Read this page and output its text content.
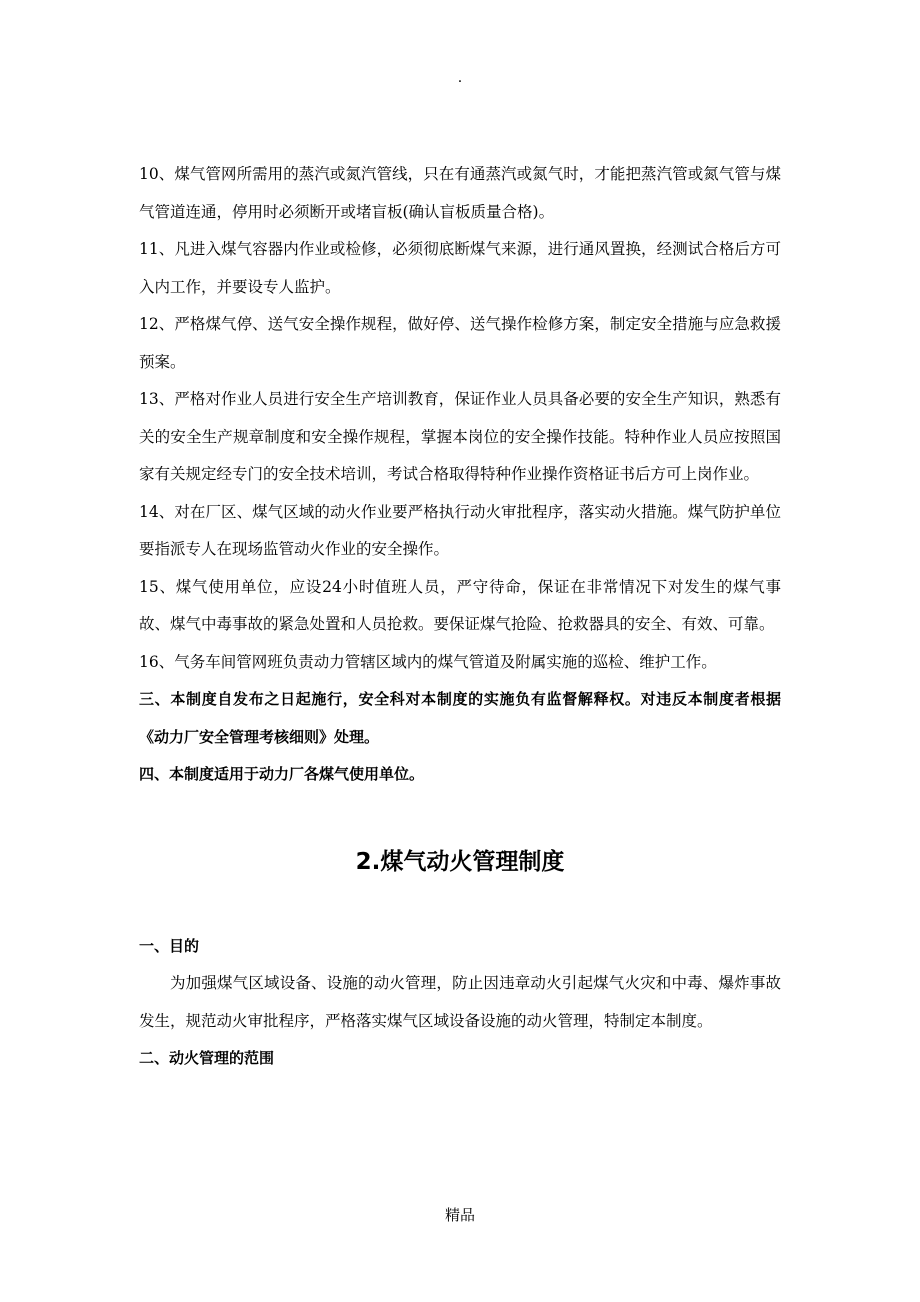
.

10、煤气管网所需用的蒸汽或氮汽管线，只在有通蒸汽或氮气时，才能把蒸汽管或氮气管与煤气管道连通，停用时必须断开或堵盲板(确认盲板质量合格)。

11、凡进入煤气容器内作业或检修，必须彻底断煤气来源，进行通风置换，经测试合格后方可入内工作，并要设专人监护。

12、严格煤气停、送气安全操作规程，做好停、送气操作检修方案，制定安全措施与应急救援预案。

13、严格对作业人员进行安全生产培训教育，保证作业人员具备必要的安全生产知识，熟悉有关的安全生产规章制度和安全操作规程，掌握本岗位的安全操作技能。特种作业人员应按照国家有关规定经专门的安全技术培训，考试合格取得特种作业操作资格证书后方可上岗作业。

14、对在厂区、煤气区域的动火作业要严格执行动火审批程序，落实动火措施。煤气防护单位要指派专人在现场监管动火作业的安全操作。

15、煤气使用单位，应设24小时值班人员，严守待命，保证在非常情况下对发生的煤气事故、煤气中毒事故的紧急处置和人员抢救。要保证煤气抢险、抢救器具的安全、有效、可靠。

16、气务车间管网班负责动力管辖区域内的煤气管道及附属实施的巡检、维护工作。

三、本制度自发布之日起施行，安全科对本制度的实施负有监督解释权。对违反本制度者根据《动力厂安全管理考核细则》处理。

四、本制度适用于动力厂各煤气使用单位。

2.煤气动火管理制度

一、目的

为加强煤气区域设备、设施的动火管理，防止因违章动火引起煤气火灾和中毒、爆炸事故发生，规范动火审批程序，严格落实煤气区域设备设施的动火管理，特制定本制度。

二、动火管理的范围

精品
